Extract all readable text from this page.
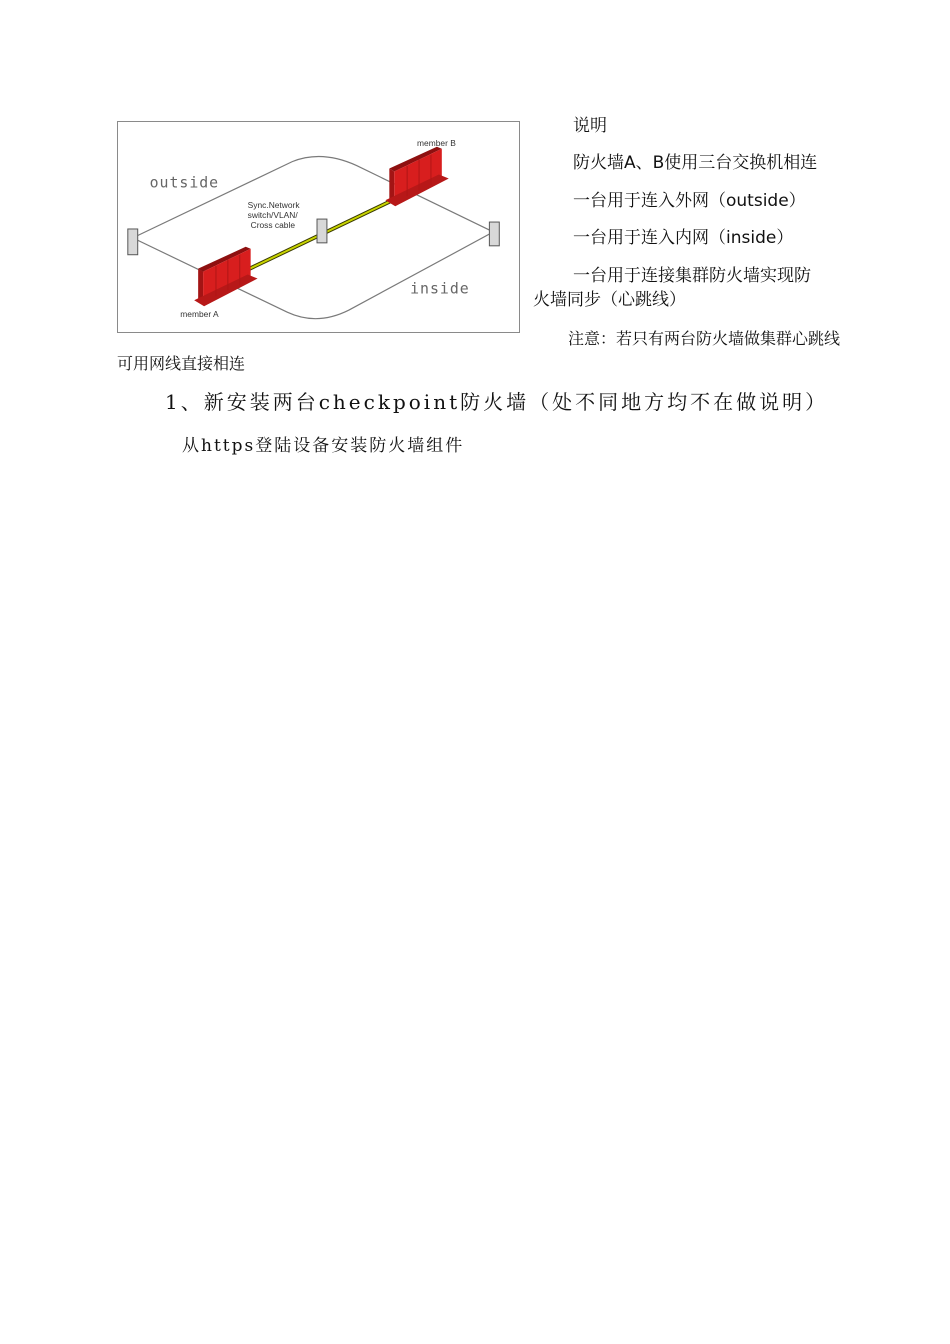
outside
inside
Sync.Network
switch/VLAN/
Cross cable
member A
member B
说明
防火墙A、B使用三台交换机相连
一台用于连入外网（outside）
一台用于连入内网（inside）
一台用于连接集群防火墙实现防
火墙同步（心跳线）
注意：若只有两台防火墙做集群心跳线
可用网线直接相连
1、新安装两台checkpoint防火墙（处不同地方均不在做说明）
从https登陆设备安装防火墙组件
